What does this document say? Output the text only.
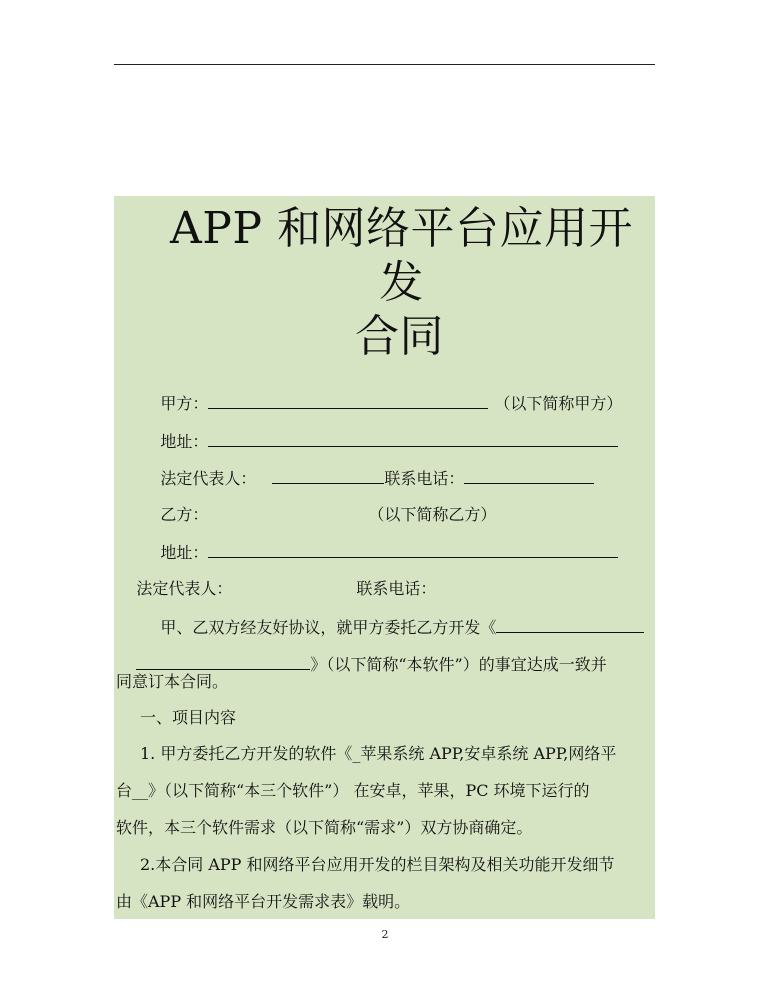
APP 和网络平台应用开发
合同

甲方：	（以下简称甲方）

地址：

法定代表人：	联系电话：

乙方：	（以下简称乙方）

地址：

法定代表人：	联系电话：

甲、乙双方经友好协议，就甲方委托乙方开发《

》（以下简称“本软件”）的事宜达成一致并

同意订本合同。
一、项目内容
1. 甲方委托乙方开发的软件《_苹果系统 APP,安卓系统 APP,网络平
台__》（以下简称“本三个软件”） 在安卓，苹果，PC 环境下运行的
软件，本三个软件需求（以下简称“需求”）双方协商确定。
2.本合同 APP 和网络平台应用开发的栏目架构及相关功能开发细节
由《APP 和网络平台开发需求表》载明。
2
